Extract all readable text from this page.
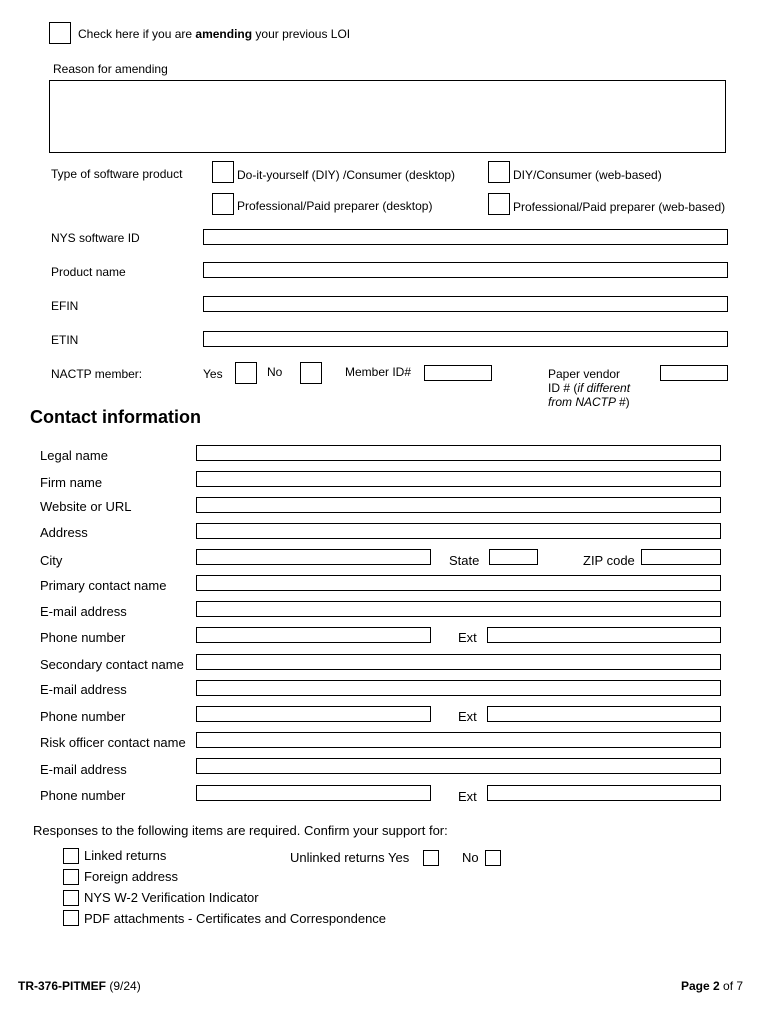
Check here if you are amending your previous LOI
Reason for amending
Type of software product	Do-it-yourself (DIY) /Consumer (desktop)	DIY/Consumer (web-based)
Professional/Paid preparer (desktop)	Professional/Paid preparer (web-based)
NYS software ID
Product name
EFIN
ETIN
NACTP member:	Yes	No	Member ID#	Paper vendor
ID # (if different
from NACTP #)
Contact information
Legal name
Firm name
Website or URL
Address
City	State	ZIP code
Primary contact name
E-mail address
Phone number	Ext
Secondary contact name
E-mail address
Phone number	Ext
Risk officer contact name
E-mail address
Phone number	Ext
Responses to the following items are required. Confirm your support for:
Linked returns	Unlinked returns Yes	No
Foreign address
NYS W-2 Verification Indicator
PDF attachments - Certificates and Correspondence
TR-376-PITMEF (9/24)	Page 2 of 7
